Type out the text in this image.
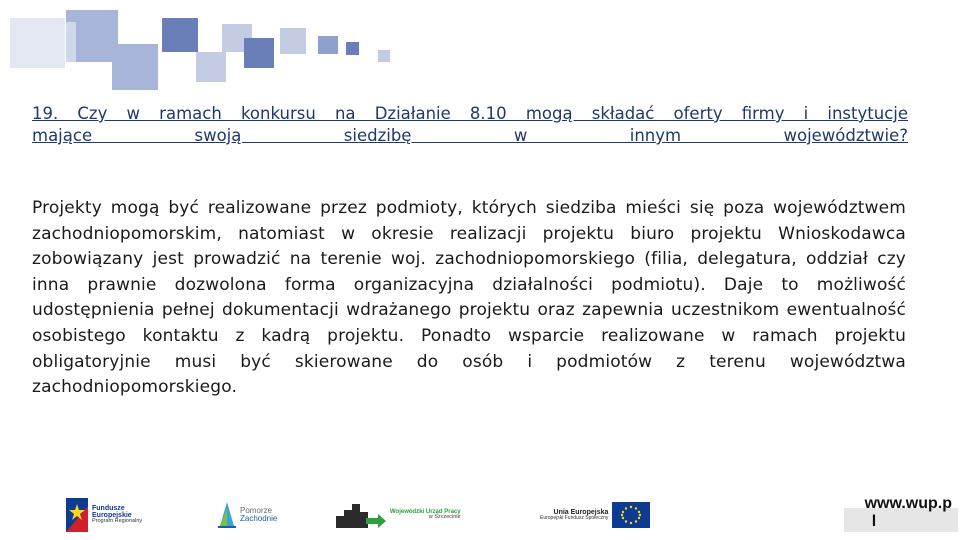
19. Czy w ramach konkursu na Działanie 8.10 mogą składać oferty firmy i instytucje
mające swoją siedzibę w innym województwie?
Projekty mogą być realizowane przez podmioty, których siedziba mieści się poza województwem zachodniopomorskim, natomiast w okresie realizacji projektu biuro projektu Wnioskodawca zobowiązany jest prowadzić na terenie woj. zachodniopomorskiego (filia, delegatura, oddział czy inna prawnie dozwolona forma organizacyjna działalności podmiotu). Daje to możliwość udostępnienia pełnej dokumentacji wdrażanego projektu oraz zapewnia uczestnikom ewentualność osobistego kontaktu z kadrą projektu. Ponadto wsparcie realizowane w ramach projektu obligatoryjnie musi być skierowane do osób i podmiotów z terenu województwa zachodniopomorskiego.
Fundusze
Europejskie
Program Regionalny
Pomorze
Zachodnie
Wojewódzki Urząd Pracy
w Szczecinie
Unia Europejska
Europejski Fundusz Społeczny
www.wup.p
l
